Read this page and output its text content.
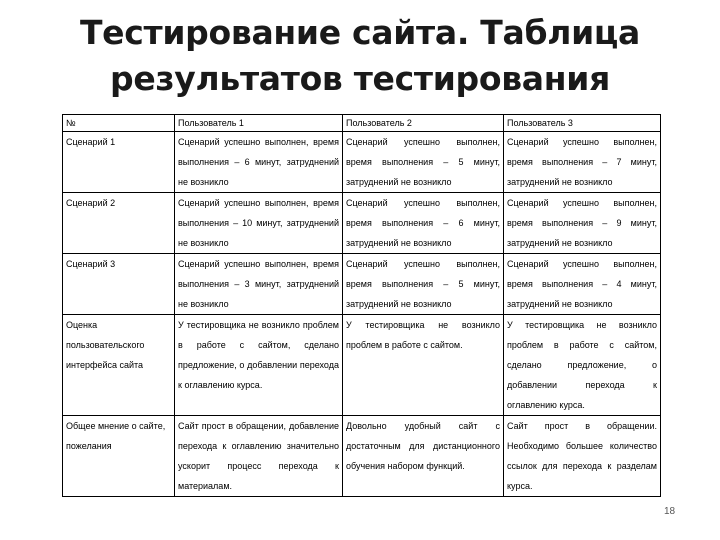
Тестирование сайта. Таблица
результатов тестирования
№	Пользователь 1	Пользователь 2	Пользователь 3
Сценарий 1	Сценарий успешно выполнен, время выполнения – 6 минут, затруднений не возникло	Сценарий успешно выполнен, время выполнения – 5 минут, затруднений не возникло	Сценарий успешно выполнен, время выполнения – 7 минут, затруднений не возникло
Сценарий 2	Сценарий успешно выполнен, время выполнения – 10 минут, затруднений не возникло	Сценарий успешно выполнен, время выполнения – 6 минут, затруднений не возникло	Сценарий успешно выполнен, время выполнения – 9 минут, затруднений не возникло
Сценарий 3	Сценарий успешно выполнен, время выполнения – 3 минут, затруднений не возникло	Сценарий успешно выполнен, время выполнения – 5 минут, затруднений не возникло	Сценарий успешно выполнен, время выполнения – 4 минут, затруднений не возникло
Оценка пользовательского интерфейса сайта	У тестировщика не возникло проблем в работе с сайтом, сделано предложение, о добавлении перехода к оглавлению курса.	У тестировщика не возникло проблем в работе с сайтом.	У тестировщика не возникло проблем в работе с сайтом, сделано предложение, о добавлении перехода к оглавлению курса.
Общее мнение о сайте, пожелания	Сайт прост в обращении, добавление перехода к оглавлению значительно ускорит процесс перехода к материалам.	Довольно удобный сайт с достаточным для дистанционного обучения набором функций.	Сайт прост в обращении. Необходимо большее количество ссылок для перехода к разделам курса.
18
